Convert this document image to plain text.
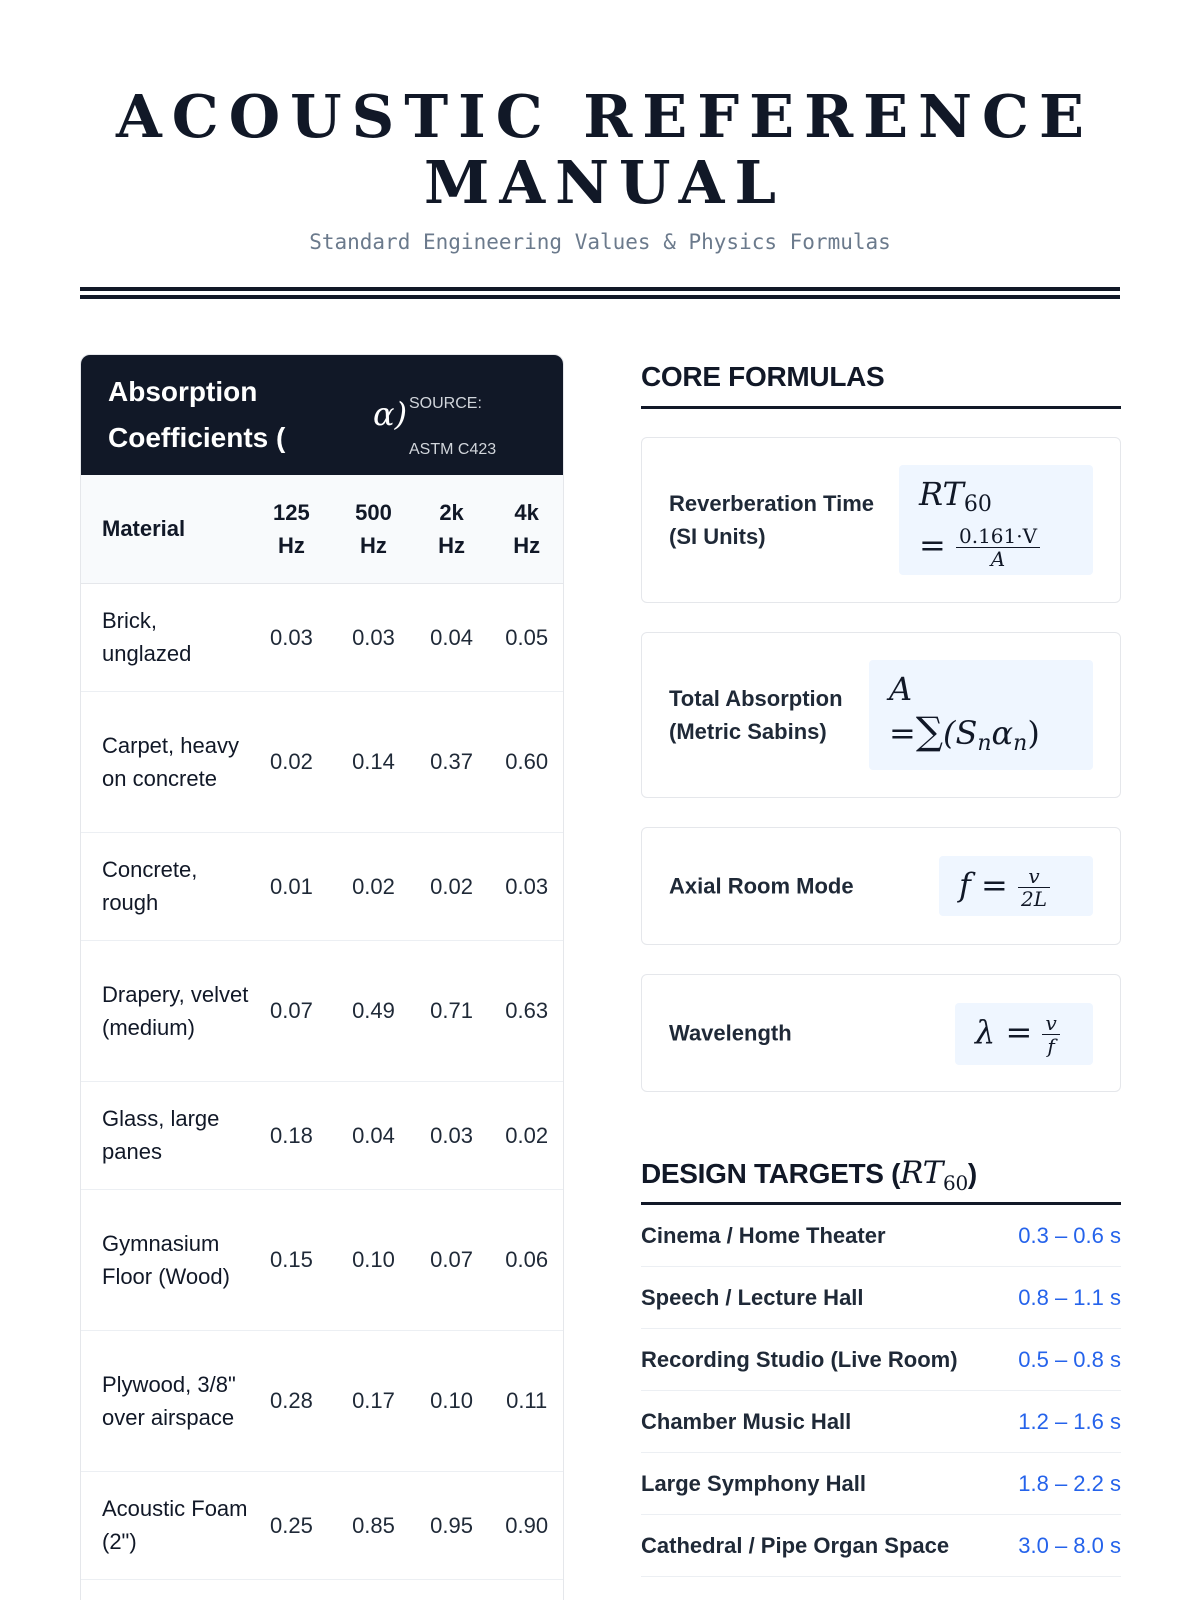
ACOUSTIC REFERENCE MANUAL
Standard Engineering Values & Physics Formulas
Absorption Coefficients (
α) SOURCE:
ASTM C423
Material	125 Hz	500 Hz	2k Hz	4k Hz
Brick, unglazed	0.03	0.03	0.04	0.05
Carpet, heavy on concrete	0.02	0.14	0.37	0.60
Concrete, rough	0.01	0.02	0.02	0.03
Drapery, velvet (medium)	0.07	0.49	0.71	0.63
Glass, large panes	0.18	0.04	0.03	0.02
Gymnasium Floor (Wood)	0.15	0.10	0.07	0.06
Plywood, 3/8" over airspace	0.28	0.17	0.10	0.11
Acoustic Foam (2")	0.25	0.85	0.95	0.90
CORE FORMULAS
Reverberation Time (SI Units)
$RT_{60}$
= $\frac{0.161\cdot V}{A}$
Total Absorption (Metric Sabins)
A
$=\sum(S_n\alpha_n)$
Axial Room Mode	$f = \frac{v}{2L}$
Wavelength	$\lambda = \frac{v}{f}$
DESIGN TARGETS $(RT_{60})$
Cinema / Home Theater	0.3 – 0.6 s
Speech / Lecture Hall	0.8 – 1.1 s
Recording Studio (Live Room)	0.5 – 0.8 s
Chamber Music Hall	1.2 – 1.6 s
Large Symphony Hall	1.8 – 2.2 s
Cathedral / Pipe Organ Space	3.0 – 8.0 s
